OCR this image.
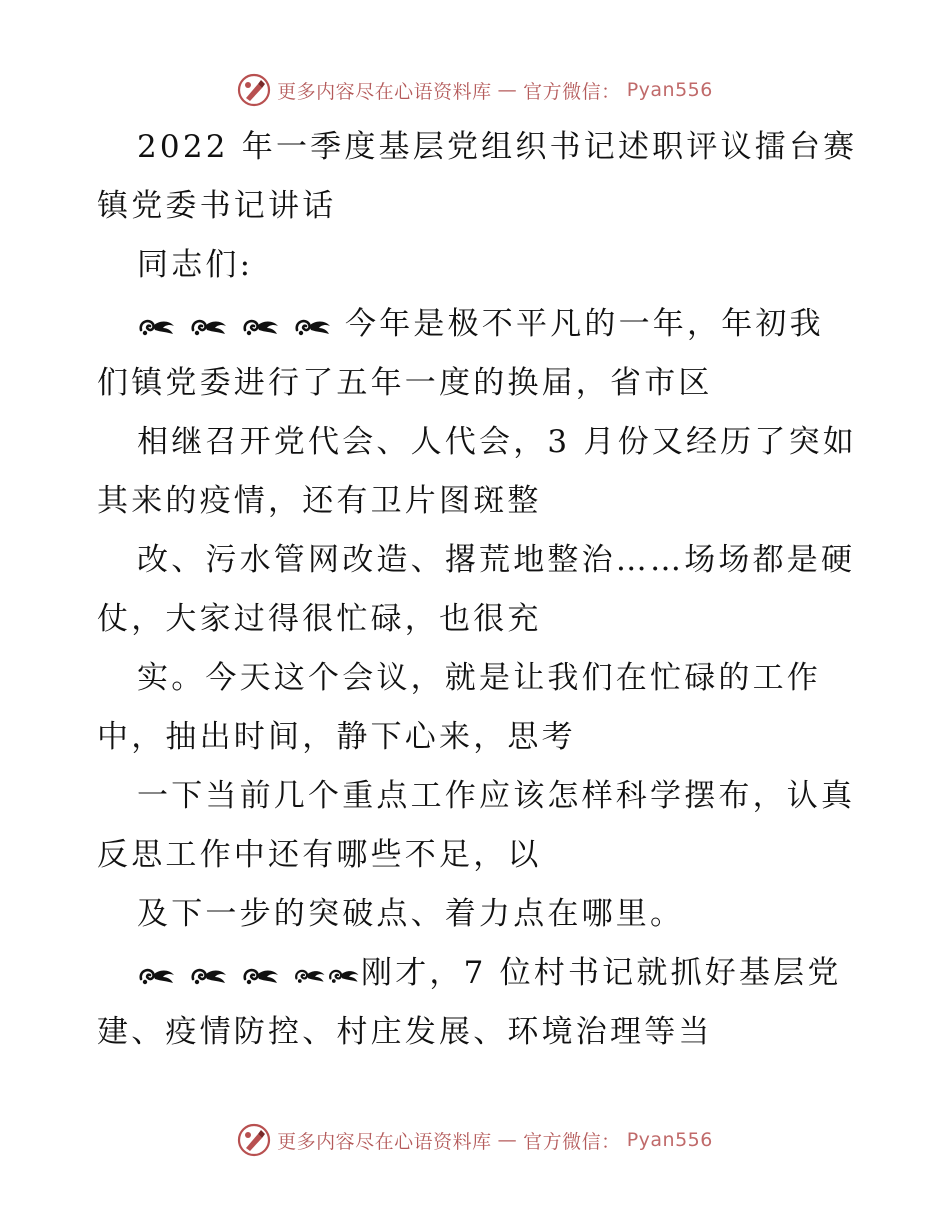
更多内容尽在心语资料库 — 官方微信： Pyan556
2022 年一季度基层党组织书记述职评议擂台赛
镇党委书记讲话
同志们:
今年是极不平凡的一年，年初我
们镇党委进行了五年一度的换届，省市区
相继召开党代会、人代会，3 月份又经历了突如
其来的疫情，还有卫片图斑整
改、污水管网改造、撂荒地整治……场场都是硬
仗，大家过得很忙碌，也很充
实。今天这个会议，就是让我们在忙碌的工作
中，抽出时间，静下心来，思考
一下当前几个重点工作应该怎样科学摆布，认真
反思工作中还有哪些不足，以
及下一步的突破点、着力点在哪里。
刚才，7 位村书记就抓好基层党
建、疫情防控、村庄发展、环境治理等当
更多内容尽在心语资料库 — 官方微信： Pyan556
